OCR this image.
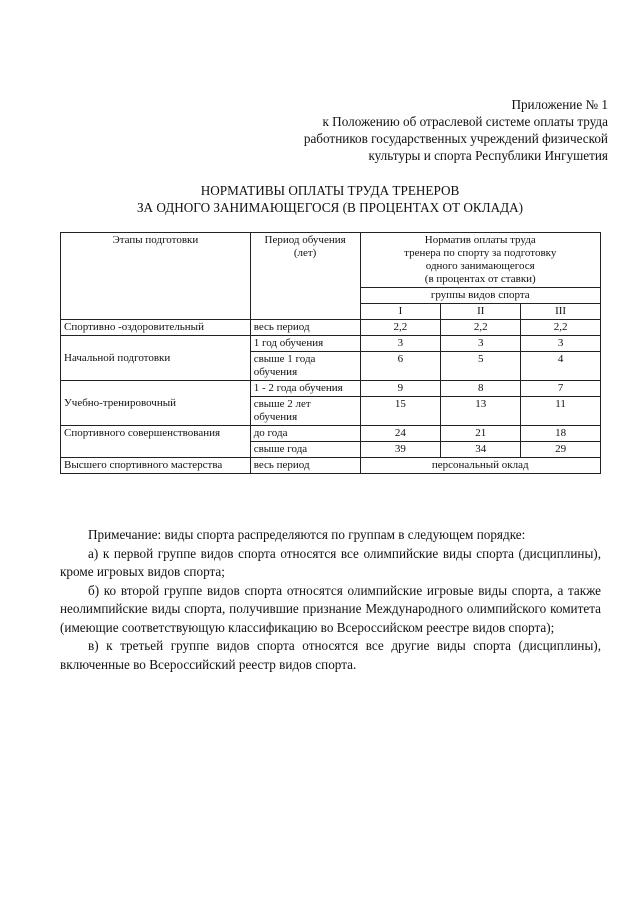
Приложение № 1
к Положению об отраслевой системе оплаты труда
работников государственных учреждений физической
культуры и спорта Республики Ингушетия
НОРМАТИВЫ ОПЛАТЫ ТРУДА ТРЕНЕРОВ
ЗА ОДНОГО ЗАНИМАЮЩЕГОСЯ (В ПРОЦЕНТАХ ОТ ОКЛАДА)
Этапы подготовки	Период обучения (лет)	Норматив оплаты труда
тренера по спорту за подготовку
одного занимающегося
(в процентах от ставки)		

		группы видов спорта		
		I	II	III
Спортивно -оздоровительный	весь период	2,2	2,2	2,2
Начальной подготовки	1 год обучения	3	3	3
	свыше 1 года обучения	6	5	4
Учебно-тренировочный	1 - 2 года обучения	9	8	7
	свыше 2 лет обучения	15	13	11
Спортивного совершенствования	до года	24	21	18
	свыше года	39	34	29
Высшего спортивного мастерства	весь период	персональный оклад		

Примечание: виды спорта распределяются по группам в следующем порядке:

а) к первой группе видов спорта относятся все олимпийские виды спорта (дисциплины), кроме игровых видов спорта;

б) ко второй группе видов спорта относятся олимпийские игровые виды спорта, а также неолимпийские виды спорта, получившие признание Международного олимпийского комитета (имеющие соответствующую классификацию во Всероссийском реестре видов спорта);

в) к третьей группе видов спорта относятся все другие виды спорта (дисциплины), включенные во Всероссийский реестр видов спорта.
